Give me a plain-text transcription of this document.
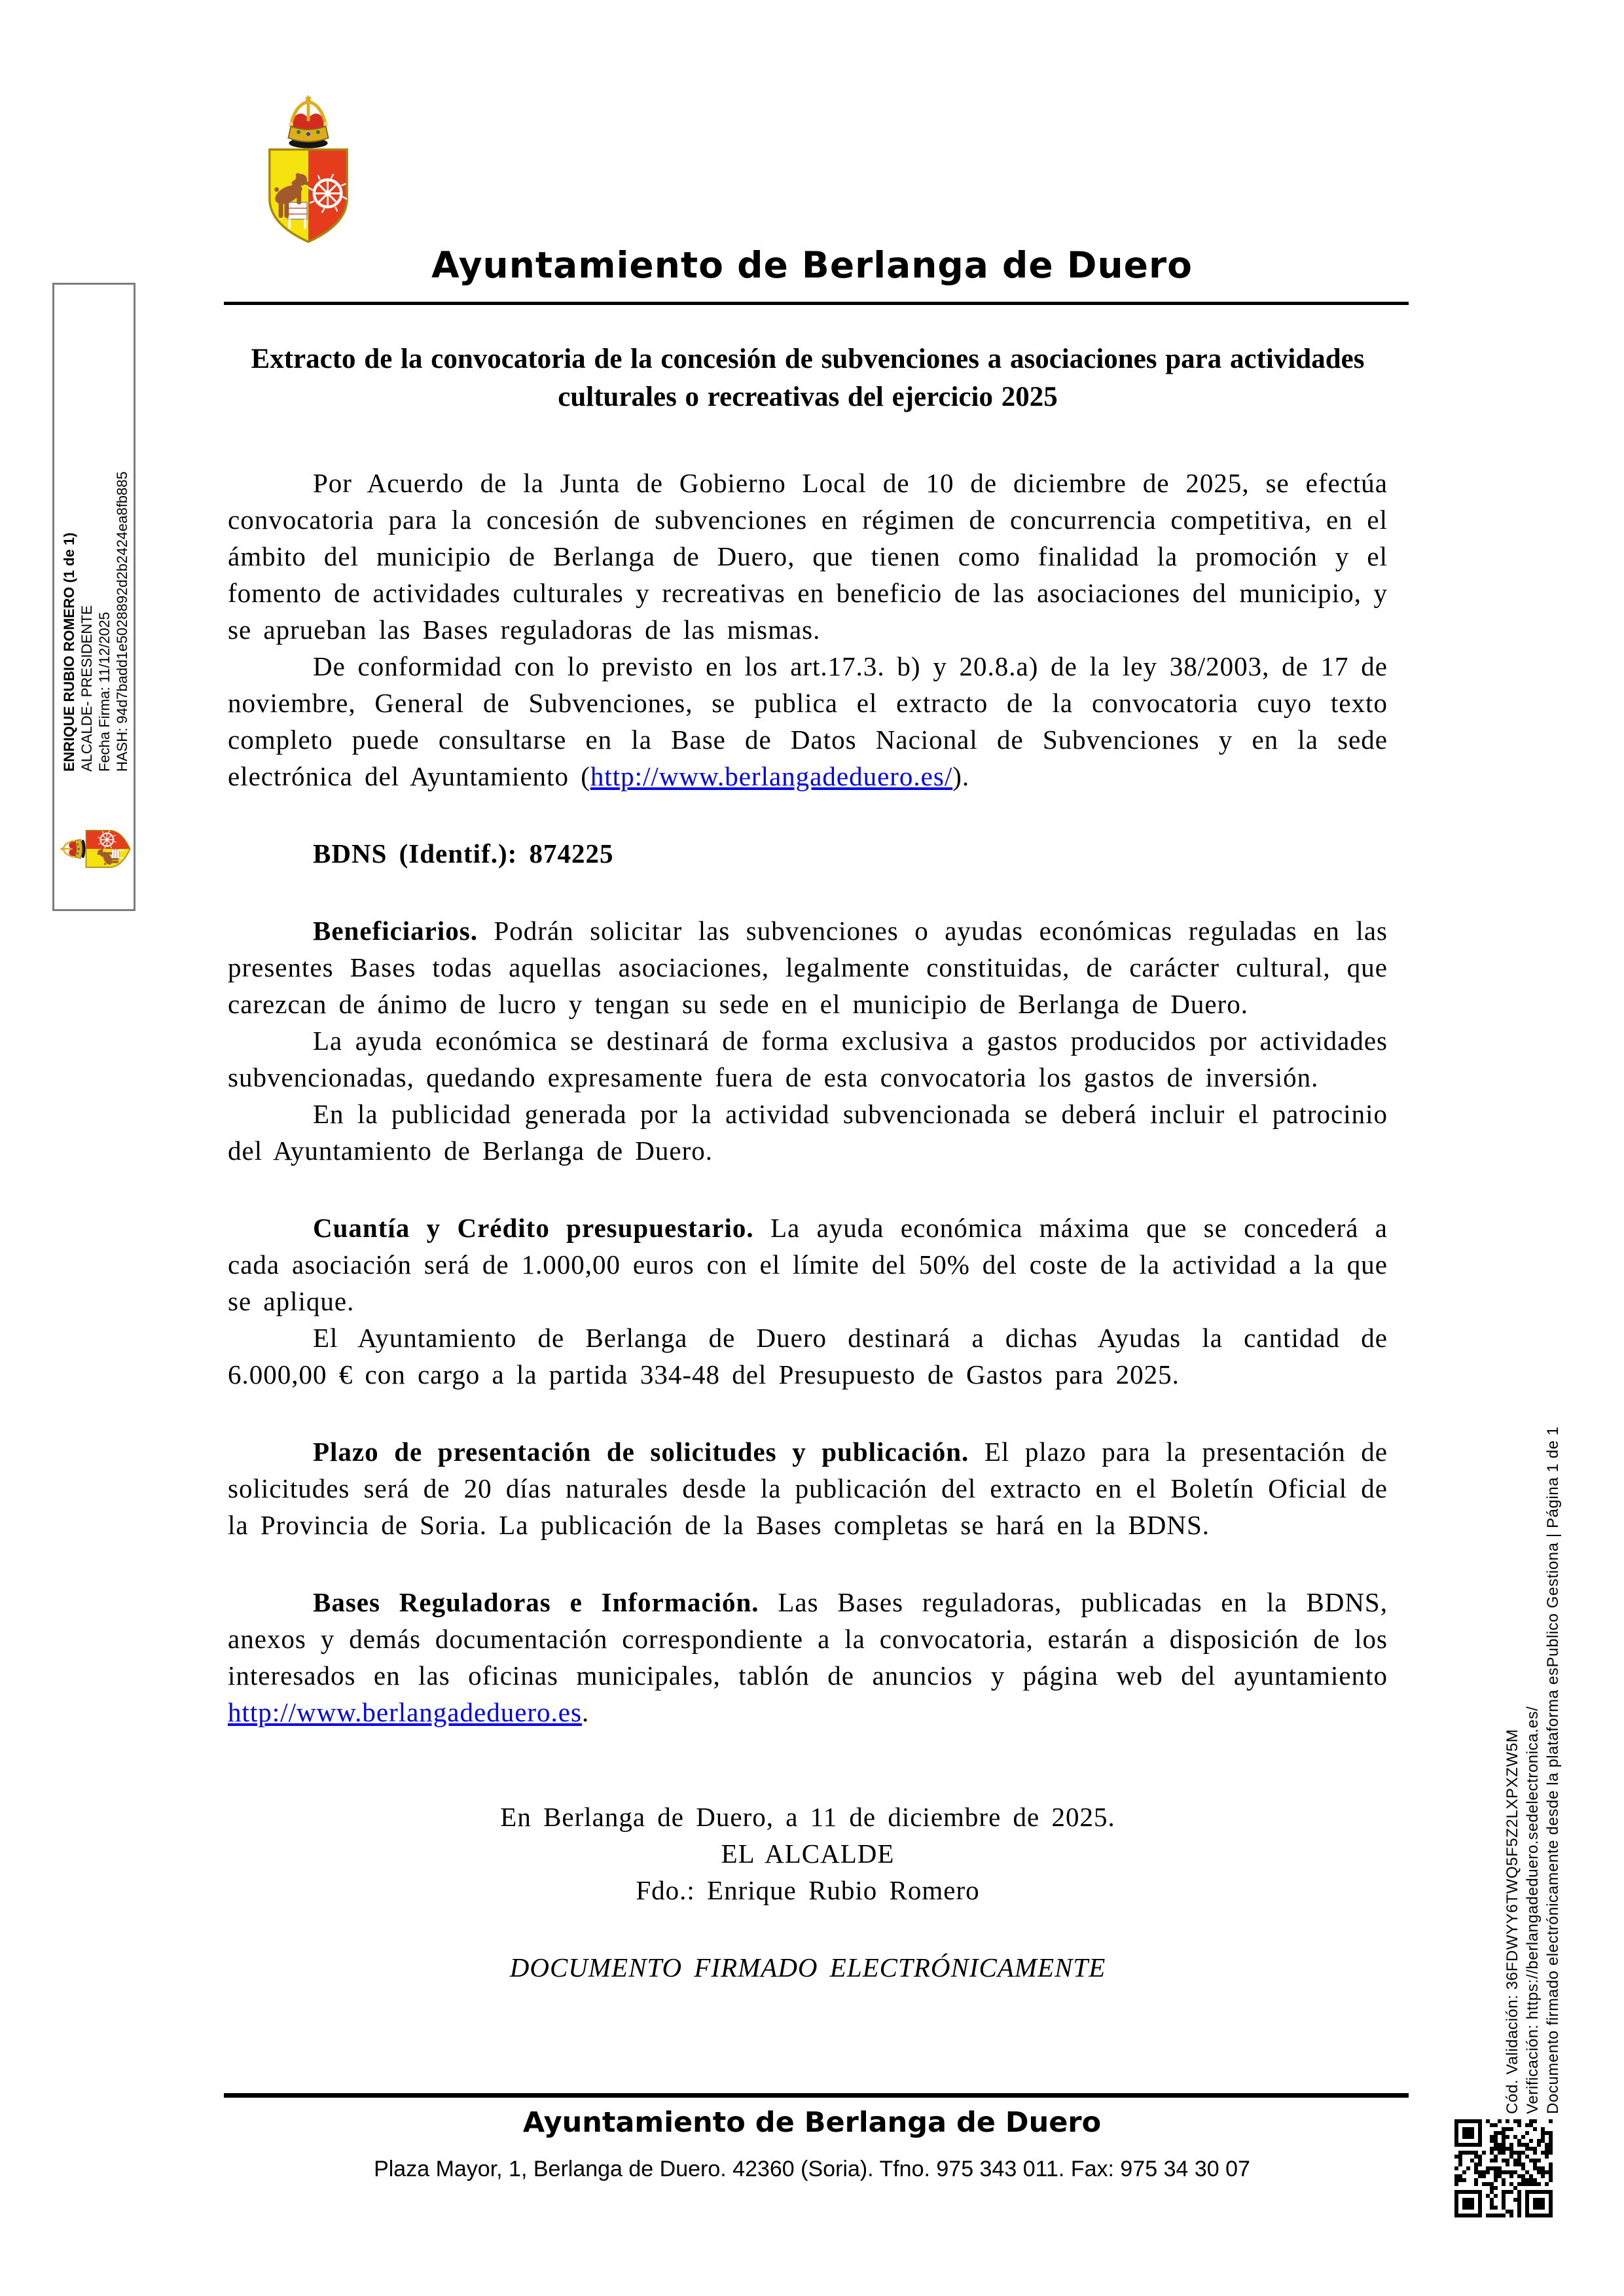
ENRIQUE RUBIO ROMERO (1 de 1) ALCALDE- PRESIDENTE Fecha Firma: 11/12/2025 HASH: 94d7badd1e5028892d2b2424ea8fb885
Ayuntamiento de Berlanga de Duero
Extracto de la convocatoria de la concesión de subvenciones a asociaciones para actividades culturales o recreativas del ejercicio 2025

Por Acuerdo de la Junta de Gobierno Local de 10 de diciembre de 2025, se efectúa convocatoria para la concesión de subvenciones en régimen de concurrencia competitiva, en el ámbito del municipio de Berlanga de Duero, que tienen como finalidad la promoción y el fomento de actividades culturales y recreativas en beneficio de las asociaciones del municipio, y se aprueban las Bases reguladoras de las mismas.

De conformidad con lo previsto en los art.17.3. b) y 20.8.a) de la ley 38/2003, de 17 de noviembre, General de Subvenciones, se publica el extracto de la convocatoria cuyo texto completo puede consultarse en la Base de Datos Nacional de Subvenciones y en la sede electrónica del Ayuntamiento (http://www.berlangadeduero.es/).

BDNS (Identif.): 874225

Beneficiarios. Podrán solicitar las subvenciones o ayudas económicas reguladas en las presentes Bases todas aquellas asociaciones, legalmente constituidas, de carácter cultural, que carezcan de ánimo de lucro y tengan su sede en el municipio de Berlanga de Duero.

La ayuda económica se destinará de forma exclusiva a gastos producidos por actividades subvencionadas, quedando expresamente fuera de esta convocatoria los gastos de inversión.

En la publicidad generada por la actividad subvencionada se deberá incluir el patrocinio del Ayuntamiento de Berlanga de Duero.

Cuantía y Crédito presupuestario. La ayuda económica máxima que se concederá a cada asociación será de 1.000,00 euros con el límite del 50% del coste de la actividad a la que se aplique.

El Ayuntamiento de Berlanga de Duero destinará a dichas Ayudas la cantidad de 6.000,00 € con cargo a la partida 334-48 del Presupuesto de Gastos para 2025.

Plazo de presentación de solicitudes y publicación. El plazo para la presentación de solicitudes será de 20 días naturales desde la publicación del extracto en el Boletín Oficial de la Provincia de Soria. La publicación de la Bases completas se hará en la BDNS.

Bases Reguladoras e Información. Las Bases reguladoras, publicadas en la BDNS, anexos y demás documentación correspondiente a la convocatoria, estarán a disposición de los interesados en las oficinas municipales, tablón de anuncios y página web del ayuntamiento http://www.berlangadeduero.es.

En Berlanga de Duero, a 11 de diciembre de 2025.

EL ALCALDE

Fdo.: Enrique Rubio Romero

DOCUMENTO FIRMADO ELECTRÓNICAMENTE

Ayuntamiento de Berlanga de Duero
Plaza Mayor, 1, Berlanga de Duero. 42360 (Soria). Tfno. 975 343 011. Fax: 975 34 30 07
Cód. Validación: 36FDWYY6TWQ5F5Z2LXPXZW5M Verificación: https://berlangadeduero.sedelectronica.es/ Documento firmado electrónicamente desde la plataforma esPublico Gestiona | Página 1 de 1
